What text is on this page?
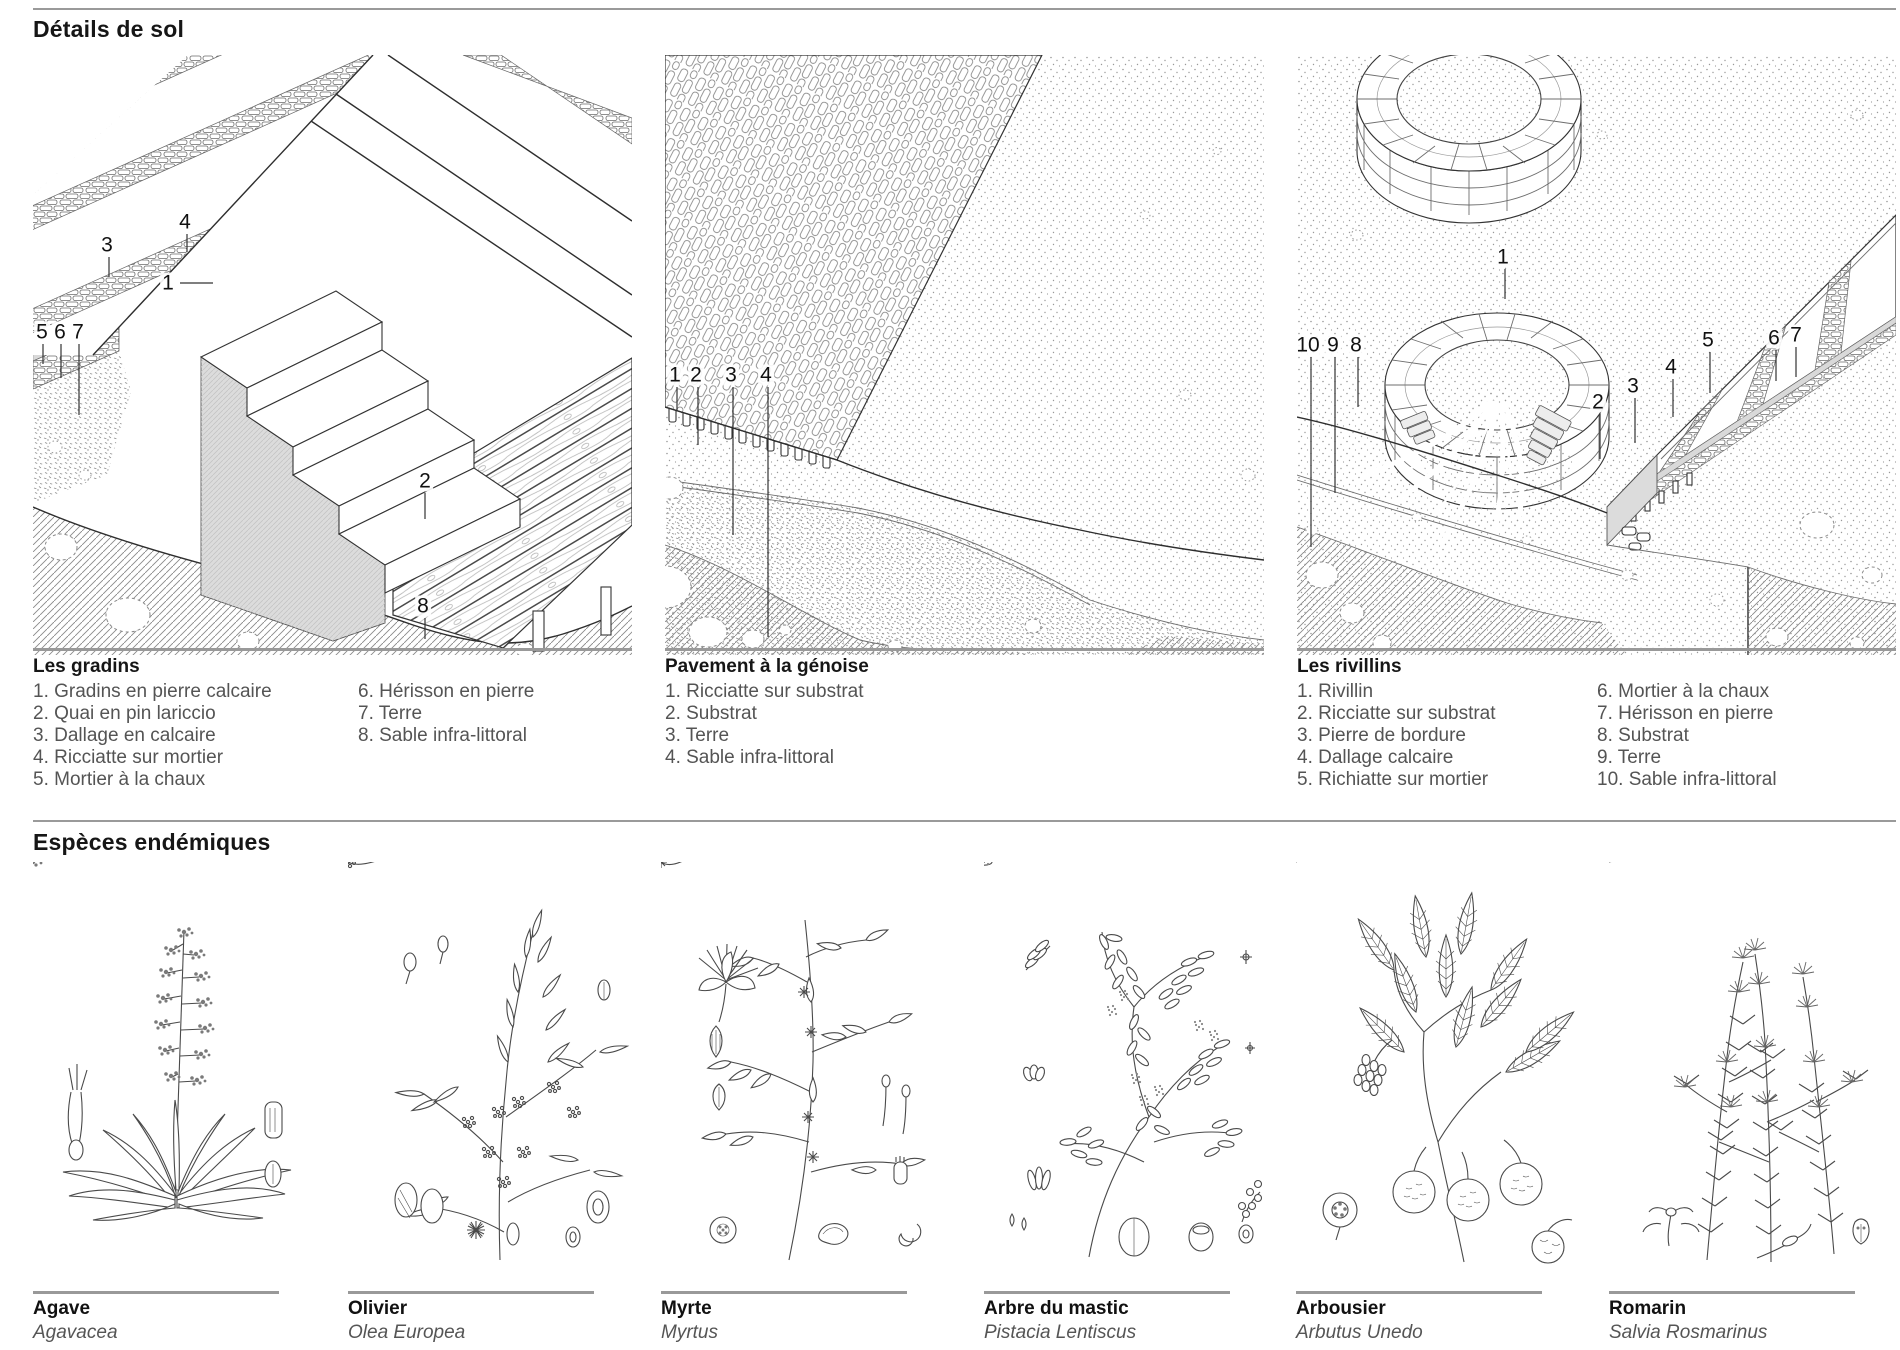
Détails de sol
1
2
3
4
5 6 7
8
1 2 3 4
1
2
3
4
5	6 7
8
9
10
Les gradins
1. Gradins en pierre calcaire
2. Quai en pin lariccio
3. Dallage en calcaire
4. Ricciatte sur mortier
5. Mortier à la chaux
6. Hérisson en pierre
7. Terre
8. Sable infra-littoral
Pavement à la génoise
1. Ricciatte sur substrat
2. Substrat
3. Terre
4. Sable infra-littoral
Les rivillins
1. Rivillin
2. Ricciatte sur substrat
3. Pierre de bordure
4. Dallage calcaire
5. Richiatte sur mortier
6. Mortier à la chaux
7. Hérisson en pierre
8. Substrat
9. Terre
10. Sable infra-littoral
Espèces endémiques
Agave
Agavacea
Olivier
Olea Europea
Myrte
Myrtus
Arbre du mastic
Pistacia Lentiscus
Arbousier
Arbutus Unedo
Romarin
Salvia Rosmarinus
